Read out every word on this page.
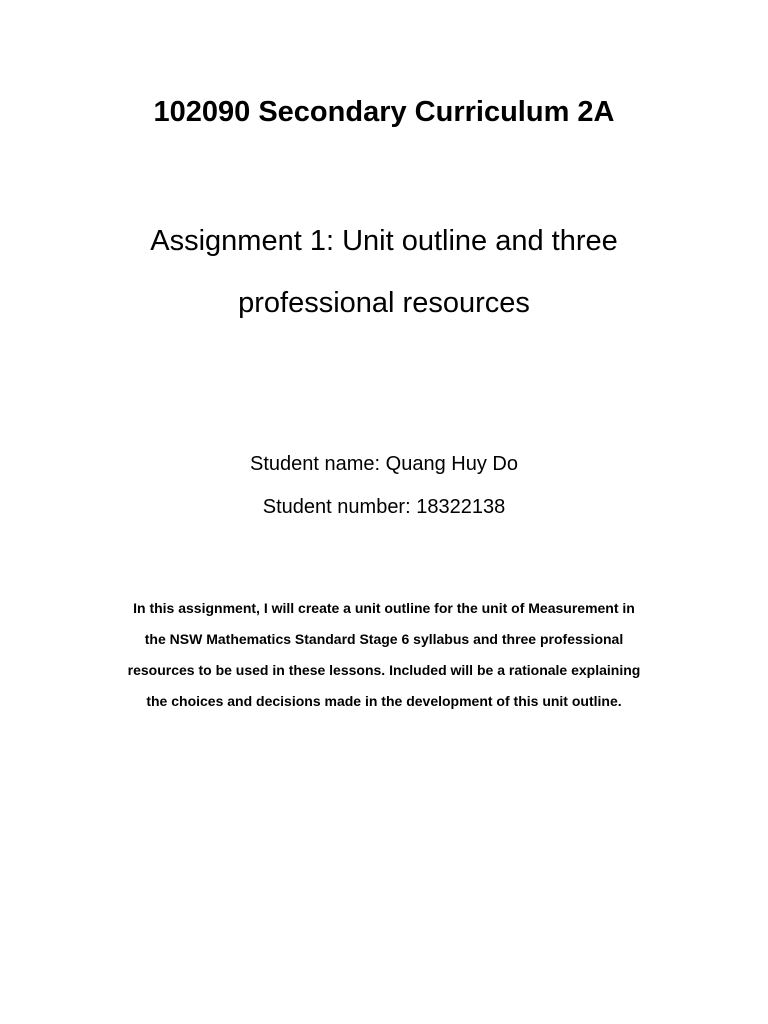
102090 Secondary Curriculum 2A
Assignment 1: Unit outline and three
professional resources
Student name: Quang Huy Do
Student number: 18322138

In this assignment, I will create a unit outline for the unit of Measurement in
the NSW Mathematics Standard Stage 6 syllabus and three professional
resources to be used in these lessons. Included will be a rationale explaining
the choices and decisions made in the development of this unit outline.
